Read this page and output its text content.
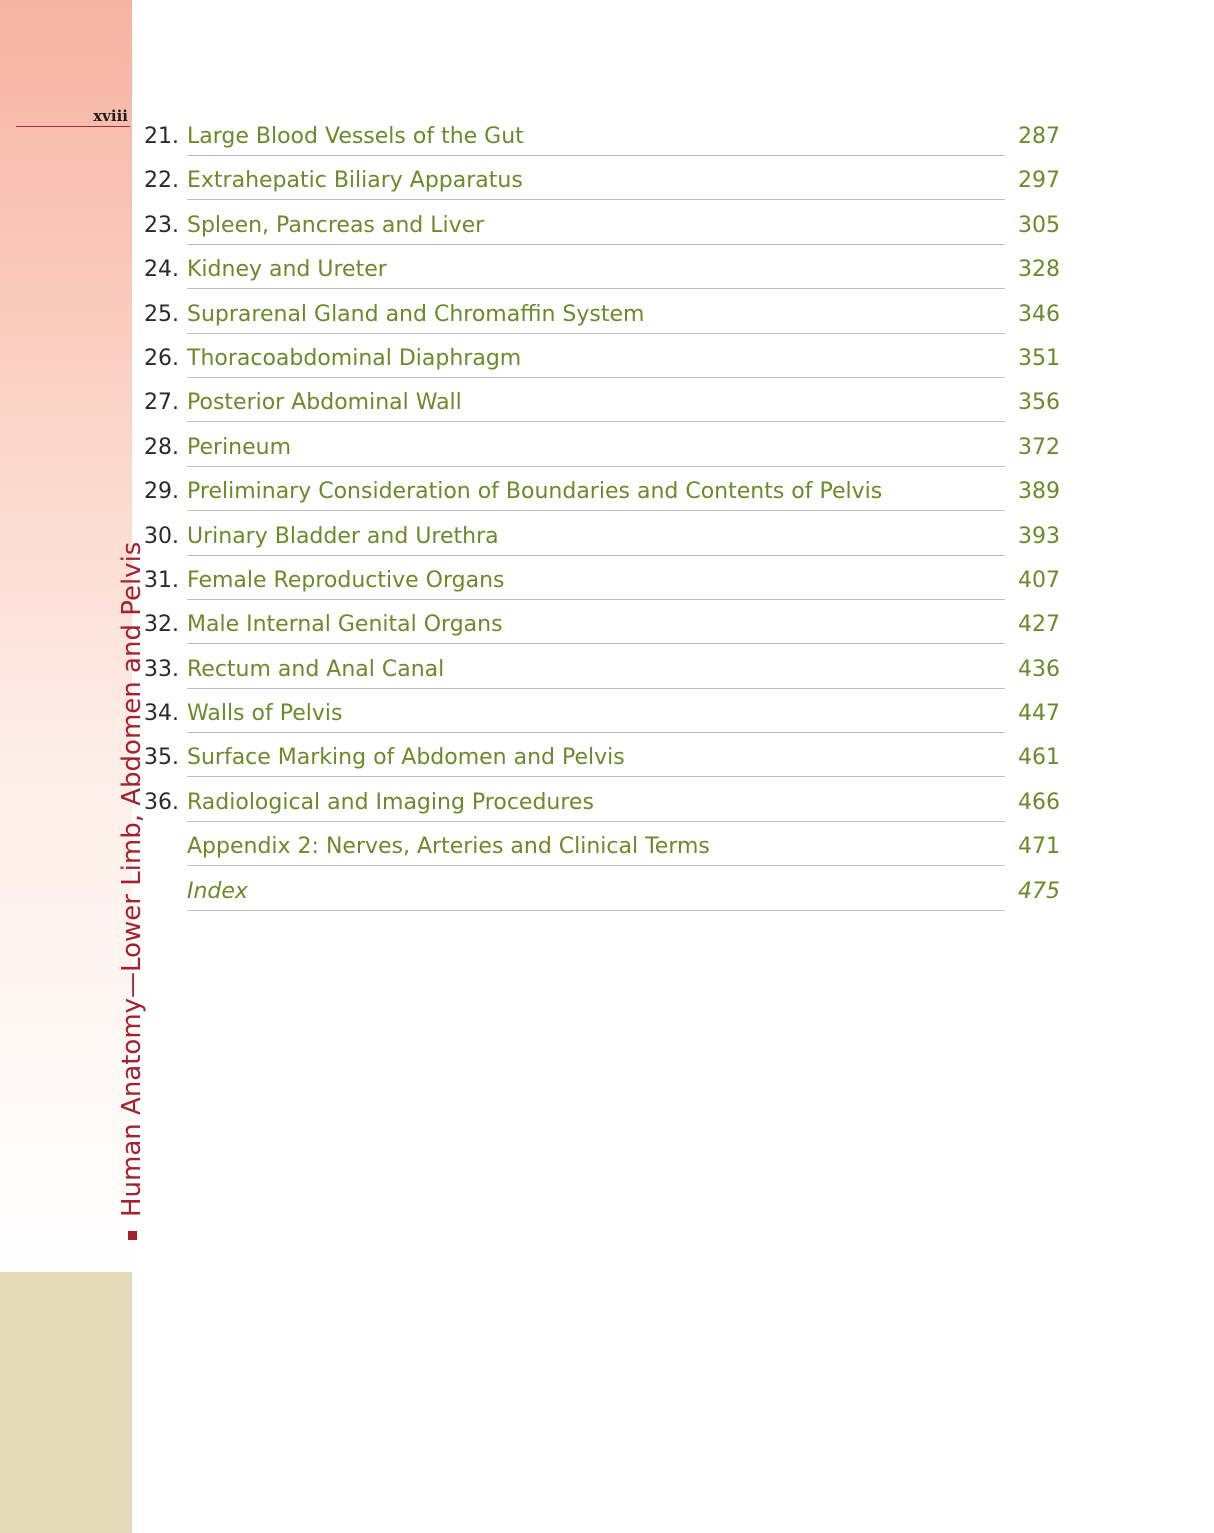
xviii
Human Anatomy—Lower Limb, Abdomen and Pelvis
21. Large Blood Vessels of the Gut	287
22. Extrahepatic Biliary Apparatus	297
23. Spleen, Pancreas and Liver	305
24. Kidney and Ureter	328
25. Suprarenal Gland and Chromaffin System	346
26. Thoracoabdominal Diaphragm	351
27. Posterior Abdominal Wall	356
28. Perineum	372
29. Preliminary Consideration of Boundaries and Contents of Pelvis	389
30. Urinary Bladder and Urethra	393
31. Female Reproductive Organs	407
32. Male Internal Genital Organs	427
33. Rectum and Anal Canal	436
34. Walls of Pelvis	447
35. Surface Marking of Abdomen and Pelvis	461
36. Radiological and Imaging Procedures	466
Appendix 2: Nerves, Arteries and Clinical Terms	471
Index	475
